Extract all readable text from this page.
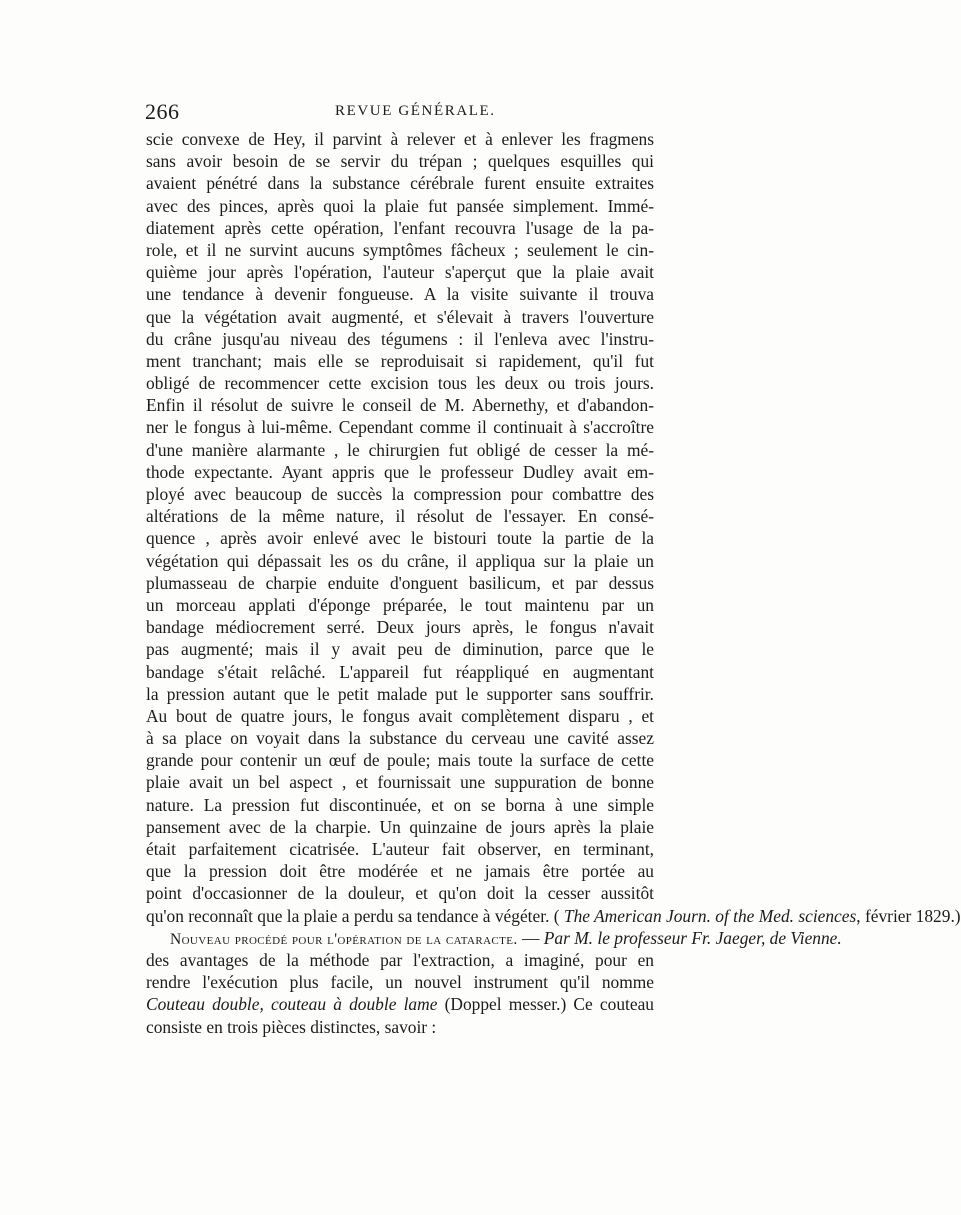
266	REVUE GÉNÉRALE.
scie convexe de Hey, il parvint à relever et à enlever les fragmens
sans avoir besoin de se servir du trépan ; quelques esquilles qui
avaient pénétré dans la substance cérébrale furent ensuite extraites
avec des pinces, après quoi la plaie fut pansée simplement. Immé-
diatement après cette opération, l'enfant recouvra l'usage de la pa-
role, et il ne survint aucuns symptômes fâcheux ; seulement le cin-
quième jour après l'opération, l'auteur s'aperçut que la plaie avait
une tendance à devenir fongueuse. A la visite suivante il trouva
que la végétation avait augmenté, et s'élevait à travers l'ouverture
du crâne jusqu'au niveau des tégumens : il l'enleva avec l'instru-
ment tranchant; mais elle se reproduisait si rapidement, qu'il fut
obligé de recommencer cette excision tous les deux ou trois jours.
Enfin il résolut de suivre le conseil de M. Abernethy, et d'abandon-
ner le fongus à lui-même. Cependant comme il continuait à s'accroître
d'une manière alarmante , le chirurgien fut obligé de cesser la mé-
thode expectante. Ayant appris que le professeur Dudley avait em-
ployé avec beaucoup de succès la compression pour combattre des
altérations de la même nature, il résolut de l'essayer. En consé-
quence , après avoir enlevé avec le bistouri toute la partie de la
végétation qui dépassait les os du crâne, il appliqua sur la plaie un
plumasseau de charpie enduite d'onguent basilicum, et par dessus
un morceau applati d'éponge préparée, le tout maintenu par un
bandage médiocrement serré. Deux jours après, le fongus n'avait
pas augmenté; mais il y avait peu de diminution, parce que le
bandage s'était relâché. L'appareil fut réappliqué en augmentant
la pression autant que le petit malade put le supporter sans souffrir.
Au bout de quatre jours, le fongus avait complètement disparu , et
à sa place on voyait dans la substance du cerveau une cavité assez
grande pour contenir un œuf de poule; mais toute la surface de cette
plaie avait un bel aspect , et fournissait une suppuration de bonne
nature. La pression fut discontinuée, et on se borna à une simple
pansement avec de la charpie. Un quinzaine de jours après la plaie
était parfaitement cicatrisée. L'auteur fait observer, en terminant,
que la pression doit être modérée et ne jamais être portée au
point d'occasionner de la douleur, et qu'on doit la cesser aussitôt
qu'on reconnaît que la plaie a perdu sa tendance à végéter. ( The American Journ. of the Med. sciences, février 1829.)
Nouveau procédé pour l'opération de la cataracte. — Par M. le professeur Fr. Jaeger, de Vienne.
des avantages de la méthode par l'extraction, a imaginé, pour en
rendre l'exécution plus facile, un nouvel instrument qu'il nomme
Couteau double, couteau à double lame (Doppel messer.) Ce couteau
consiste en trois pièces distinctes, savoir :
